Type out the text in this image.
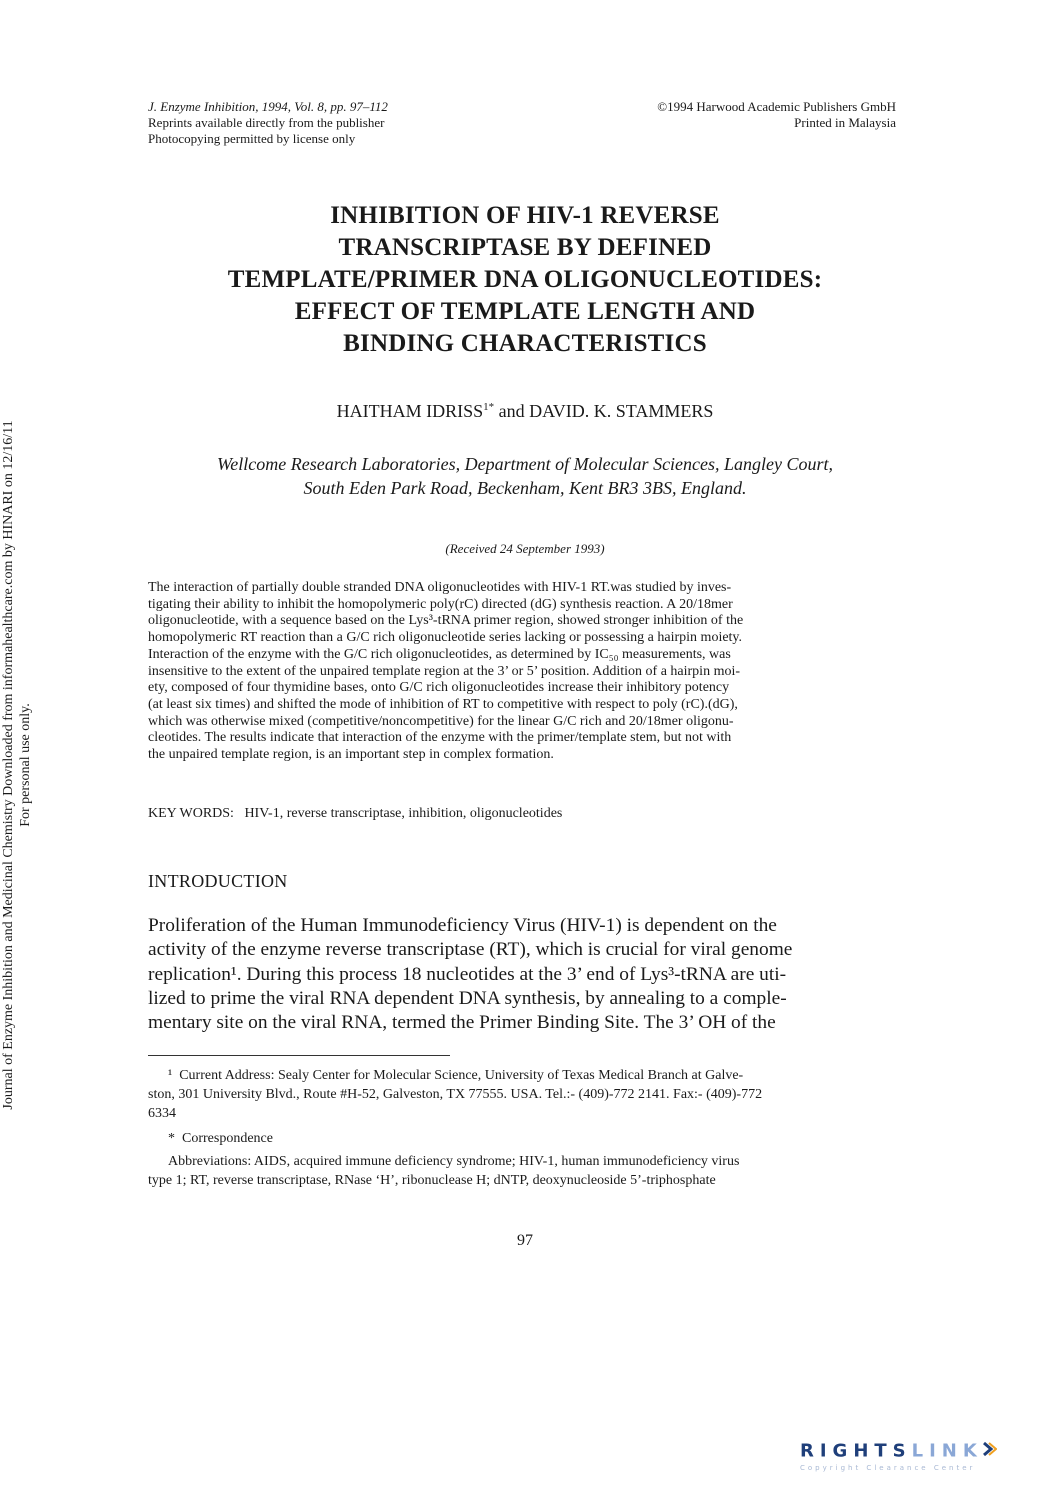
J. Enzyme Inhibition, 1994, Vol. 8, pp. 97–112
Reprints available directly from the publisher
Photocopying permitted by license only
©1994 Harwood Academic Publishers GmbH
Printed in Malaysia
INHIBITION OF HIV-1 REVERSE
TRANSCRIPTASE BY DEFINED
TEMPLATE/PRIMER DNA OLIGONUCLEOTIDES:
EFFECT OF TEMPLATE LENGTH AND
BINDING CHARACTERISTICS
HAITHAM $IDRISS^{1*}$ and DAVID. K. STAMMERS
Wellcome Research Laboratories, Department of Molecular Sciences, Langley Court,
South Eden Park Road, Beckenham, Kent BR3 3BS, England.
(Received 24 September 1993)
The interaction of partially double stranded DNA oligonucleotides with HIV-1 RT.was studied by inves-
tigating their ability to inhibit the homopolymeric poly(rC) directed (dG) synthesis reaction. A 20/18mer
oligonucleotide, with a sequence based on the Lys³-tRNA primer region, showed stronger inhibition of the
homopolymeric RT reaction than a G/C rich oligonucleotide series lacking or possessing a hairpin moiety.
Interaction of the enzyme with the G/C rich oligonucleotides, as determined by IC₅₀ measurements, was
insensitive to the extent of the unpaired template region at the 3’ or 5’ position. Addition of a hairpin moi-
ety, composed of four thymidine bases, onto G/C rich oligonucleotides increase their inhibitory potency
(at least six times) and shifted the mode of inhibition of RT to competitive with respect to poly (rC).(dG),
which was otherwise mixed (competitive/noncompetitive) for the linear G/C rich and 20/18mer oligonu-
cleotides. The results indicate that interaction of the enzyme with the primer/template stem, but not with
the unpaired template region, is an important step in complex formation.
KEY WORDS:   HIV-1, reverse transcriptase, inhibition, oligonucleotides
INTRODUCTION
Proliferation of the Human Immunodeficiency Virus (HIV-1) is dependent on the
activity of the enzyme reverse transcriptase (RT), which is crucial for viral genome
replication¹. During this process 18 nucleotides at the 3’ end of Lys³-tRNA are uti-
lized to prime the viral RNA dependent DNA synthesis, by annealing to a comple-
mentary site on the viral RNA, termed the Primer Binding Site. The 3’ OH of the
¹  Current Address: Sealy Center for Molecular Science, University of Texas Medical Branch at Galve-
ston, 301 University Blvd., Route #H-52, Galveston, TX 77555. USA. Tel.:- (409)-772 2141. Fax:- (409)-772
6334
*  Correspondence
Abbreviations: AIDS, acquired immune deficiency syndrome; HIV-1, human immunodeficiency virus
type 1; RT, reverse transcriptase, RNase ‘H’, ribonuclease H; dNTP, deoxynucleoside 5’-triphosphate
97
Journal of Enzyme Inhibition and Medicinal Chemistry Downloaded from informahealthcare.com by HINARI on 12/16/11 For personal use only.
RIGHTSLINK
Copyright Clearance Center
